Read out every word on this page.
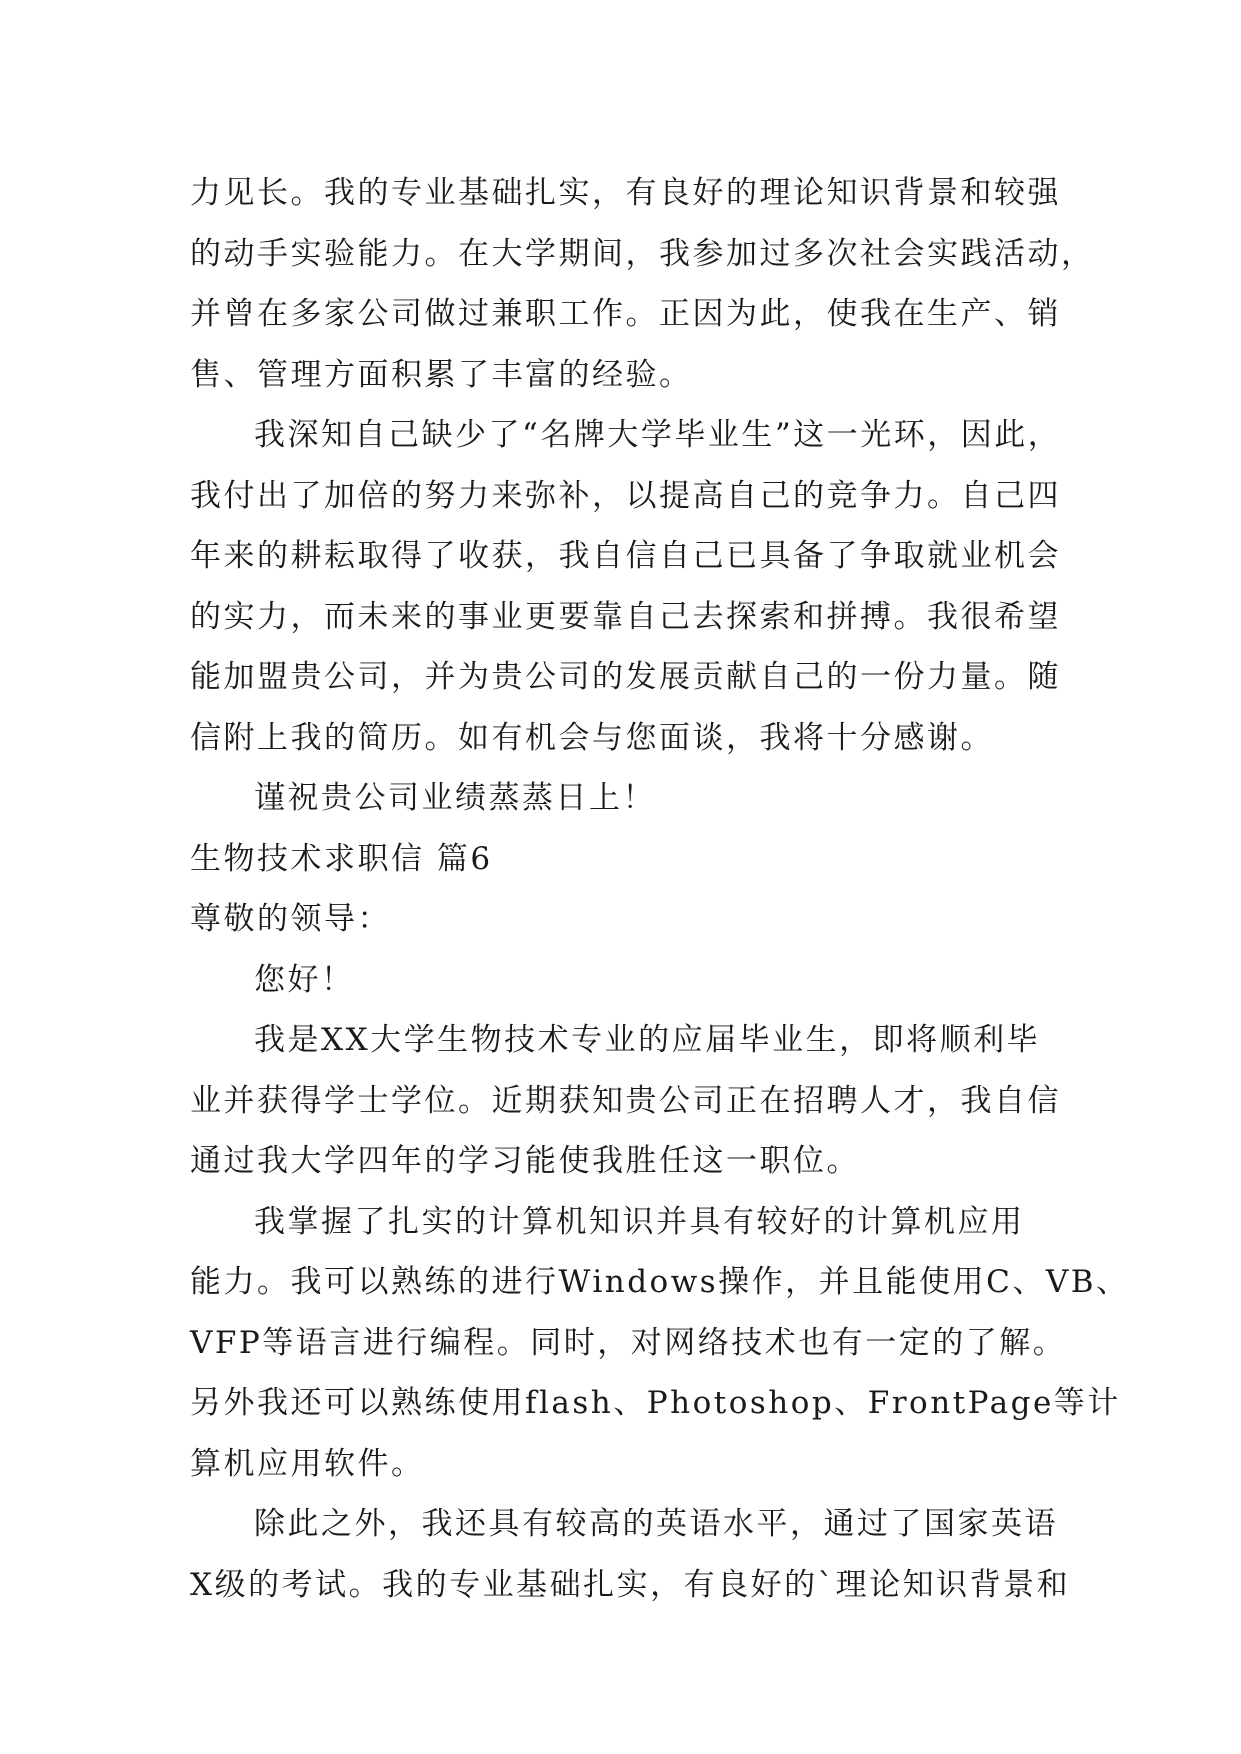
力见长。我的专业基础扎实，有良好的理论知识背景和较强
的动手实验能力。在大学期间，我参加过多次社会实践活动，
并曾在多家公司做过兼职工作。正因为此，使我在生产、销
售、管理方面积累了丰富的经验。
我深知自己缺少了“名牌大学毕业生”这一光环，因此，
我付出了加倍的努力来弥补，以提高自己的竞争力。自己四
年来的耕耘取得了收获，我自信自己已具备了争取就业机会
的实力，而未来的事业更要靠自己去探索和拼搏。我很希望
能加盟贵公司，并为贵公司的发展贡献自己的一份力量。随
信附上我的简历。如有机会与您面谈，我将十分感谢。
谨祝贵公司业绩蒸蒸日上！
生物技术求职信 篇6
尊敬的领导：
您好！
我是XX大学生物技术专业的应届毕业生，即将顺利毕
业并获得学士学位。近期获知贵公司正在招聘人才，我自信
通过我大学四年的学习能使我胜任这一职位。
我掌握了扎实的计算机知识并具有较好的计算机应用
能力。我可以熟练的进行Windows操作，并且能使用C、VB、
VFP等语言进行编程。同时，对网络技术也有一定的了解。
另外我还可以熟练使用flash、Photoshop、FrontPage等计
算机应用软件。
除此之外，我还具有较高的英语水平，通过了国家英语
X级的考试。我的专业基础扎实，有良好的`理论知识背景和
